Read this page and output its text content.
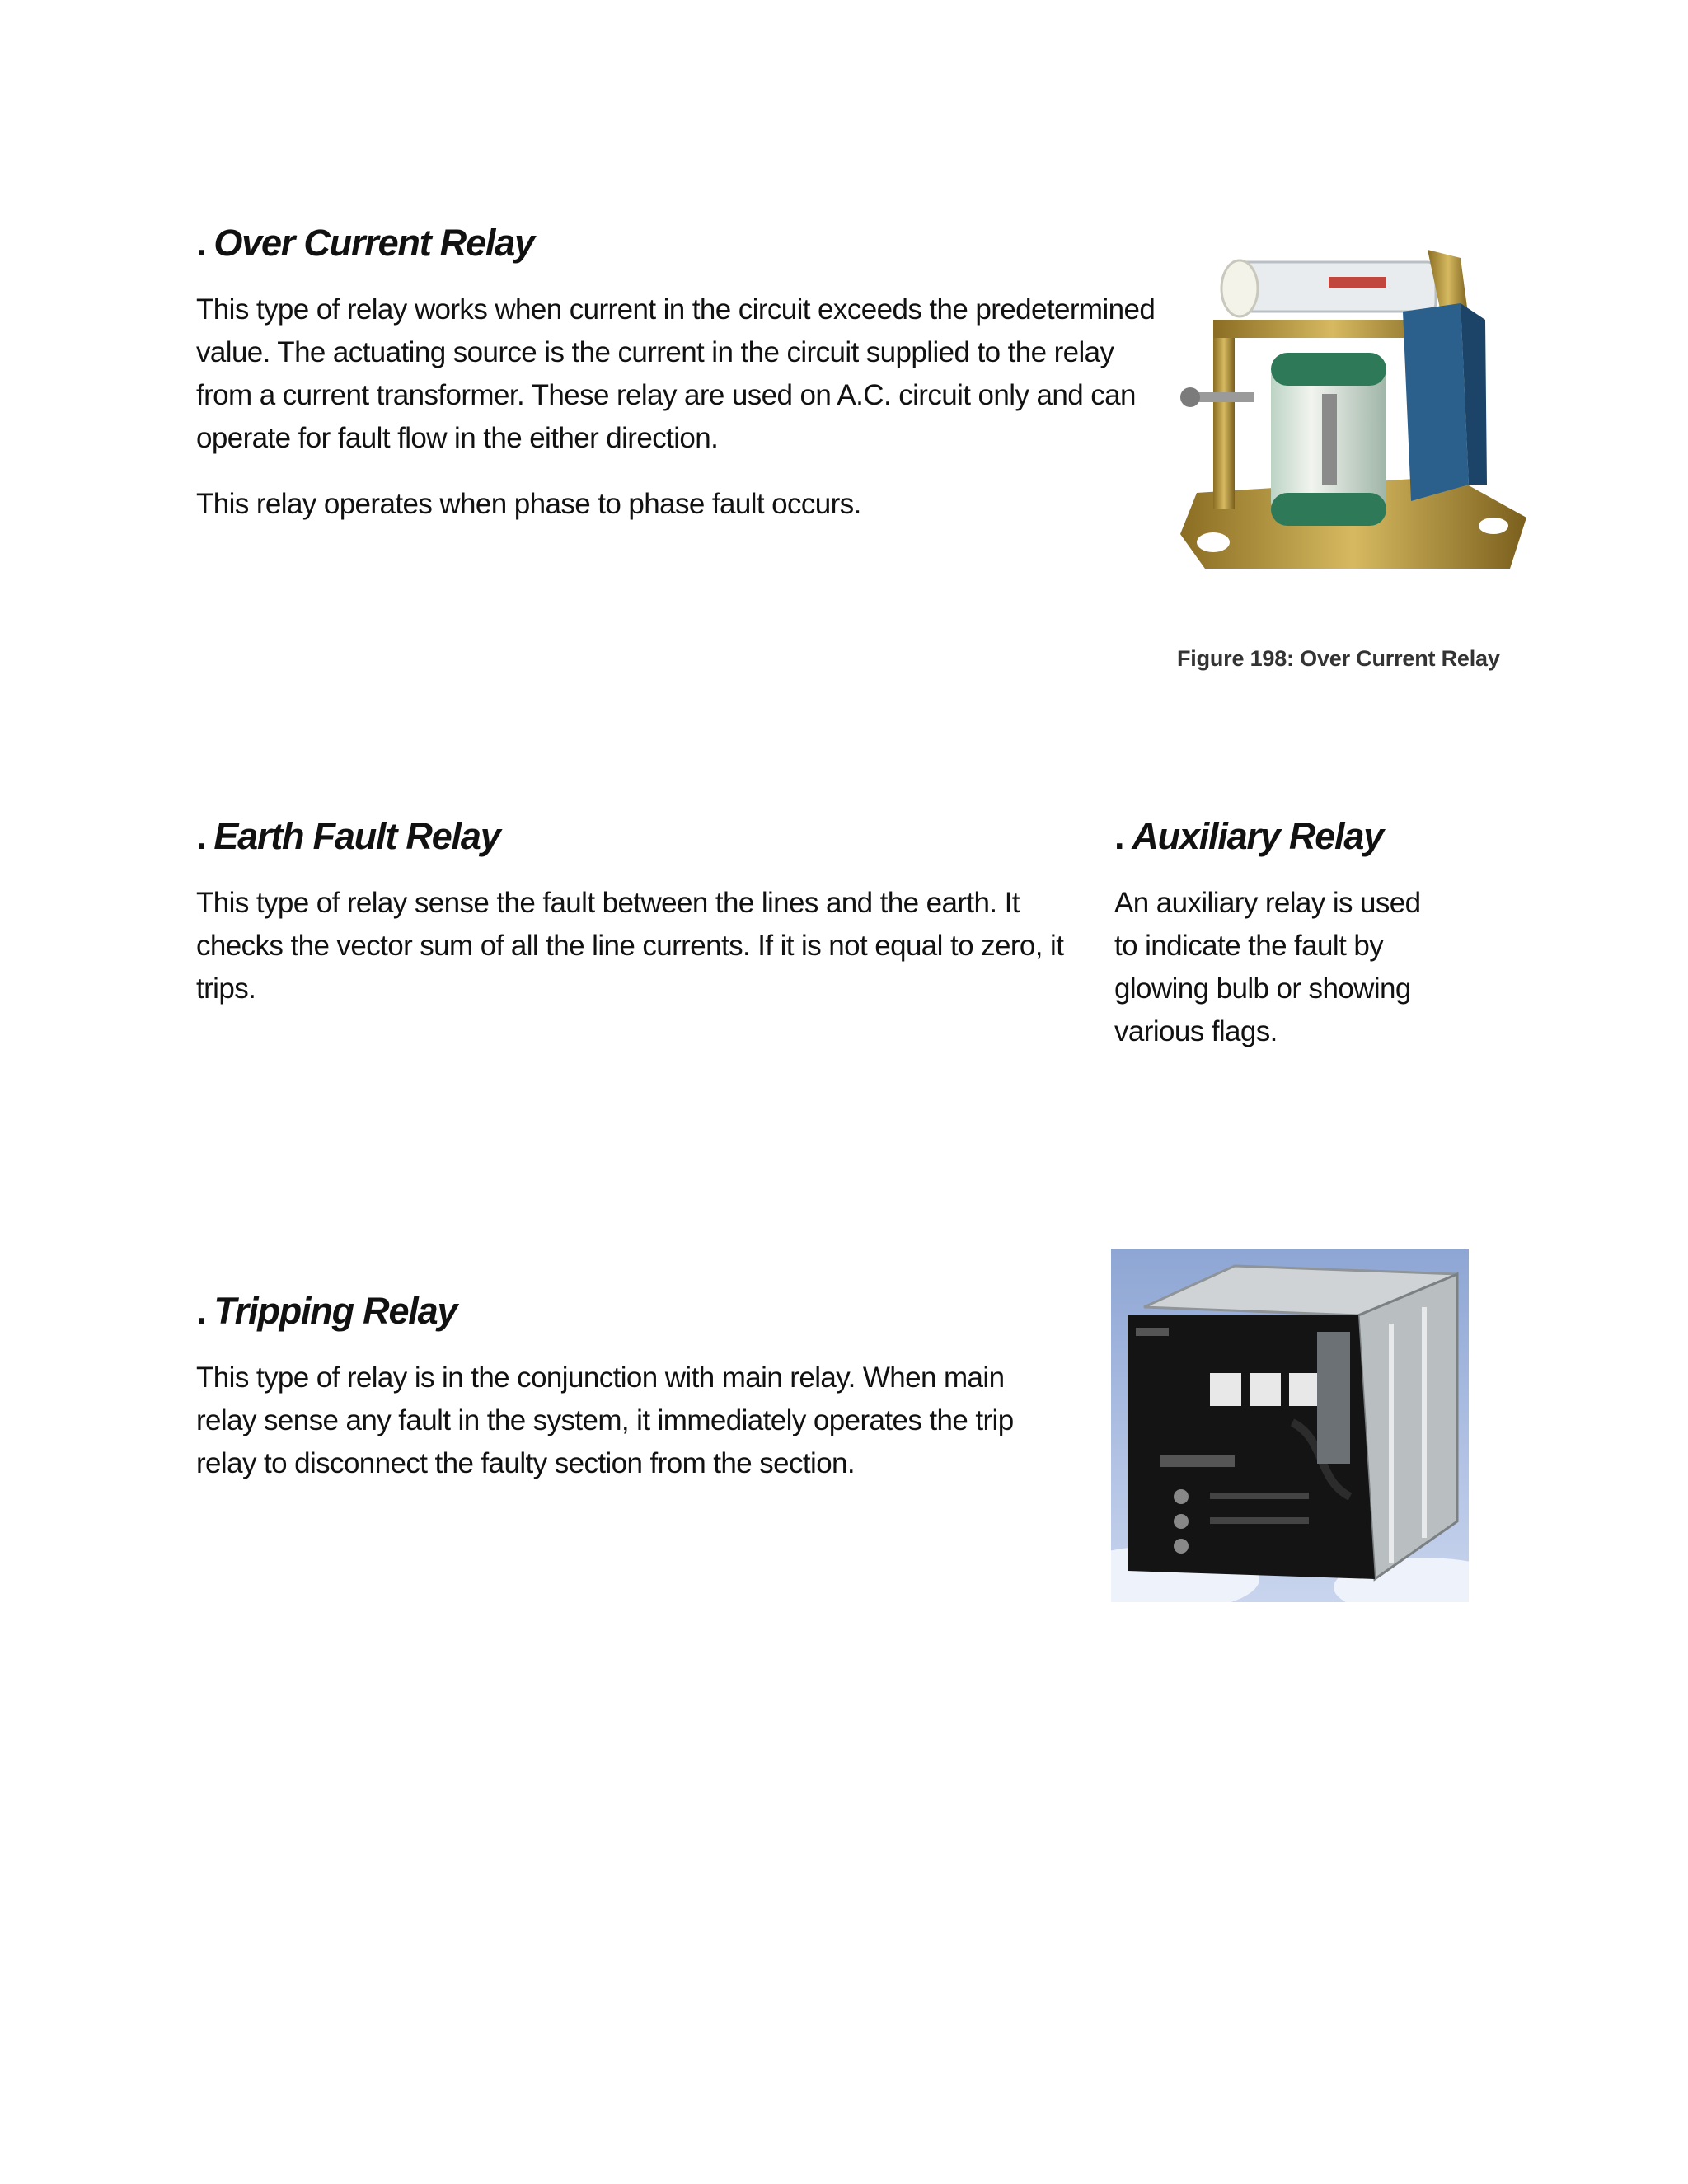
. Over Current Relay

This type of relay works when current in the circuit exceeds the predetermined value. The actuating source is the current in the circuit supplied to the relay from a current transformer. These relay are used on A.C. circuit only and can operate for fault flow in the either direction.

This relay operates when phase to phase fault occurs.

Figure 198: Over Current Relay
. Earth Fault Relay

This type of relay sense the fault between the lines and the earth. It checks the vector sum of all the line currents. If it is not equal to zero, it trips.

. Auxiliary Relay

An auxiliary relay is used to indicate the fault by glowing bulb or showing various flags.

. Tripping Relay

This type of relay is in the conjunction with main relay. When main relay sense any fault in the system, it immediately operates the trip relay to disconnect the faulty section from the section.
